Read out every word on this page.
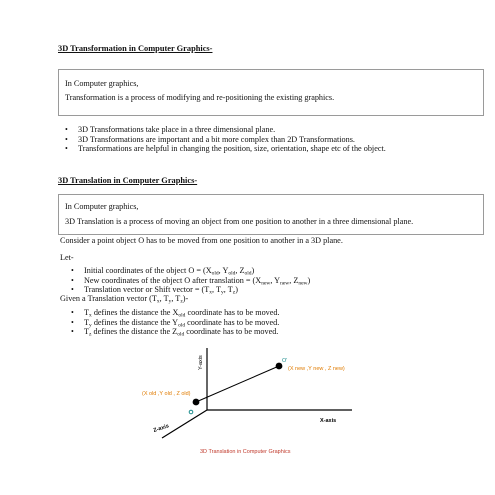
3D Transformation in Computer Graphics-

In Computer graphics,

Transformation is a process of modifying and re-positioning the existing graphics.

• 3D Transformations take place in a three dimensional plane.
• 3D Transformations are important and a bit more complex than 2D Transformations.
• Transformations are helpful in changing the position, size, orientation, shape etc of the object.
3D Translation in Computer Graphics-

In Computer graphics,

3D Translation is a process of moving an object from one position to another in a three dimensional plane.

Consider a point object O has to be moved from one position to another in a 3D plane.
Let-
• Initial coordinates of the object $O = (X_{old}$, $Y_{old}$, $Z_{old}$)
• New coordinates of the object O after translation = ($X_{new}$, $Y_{new}$, $Z_{new}$)
• Translation vector or Shift vector = ($T_x$, $T_y$, $T_z$)
Given a Translation vector ($T_x$, $T_y$, $T_z)-$
• $T_x$ defines the distance the $X_{old}$ coordinate has to be moved.
• $T_y$ defines the distance the $Y_{old}$ coordinate has to be moved.
• $T_z$ defines the distance the $Z_{old}$ coordinate has to be moved.
O'
Y-axis
X-axis
Z-axis
(X old ,Y old , Z old)
(X new ,Y new , Z new)
3D Translation in Computer Graphics
